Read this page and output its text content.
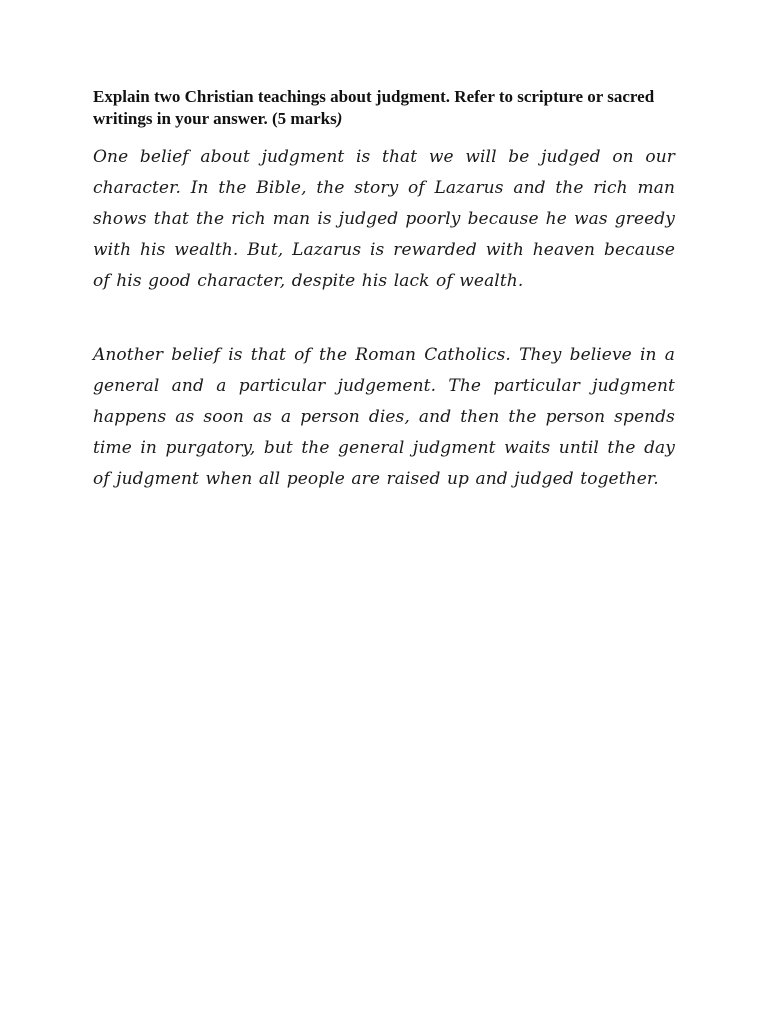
Explain two Christian teachings about judgment. Refer to scripture or sacred writings in your answer. (5 marks)

One belief about judgment is that we will be judged on our character. In the Bible, the story of Lazarus and the rich man shows that the rich man is judged poorly because he was greedy with his wealth. But, Lazarus is rewarded with heaven because of his good character, despite his lack of wealth.

Another belief is that of the Roman Catholics. They believe in a general and a particular judgement. The particular judgment happens as soon as a person dies, and then the person spends time in purgatory, but the general judgment waits until the day of judgment when all people are raised up and judged together.
